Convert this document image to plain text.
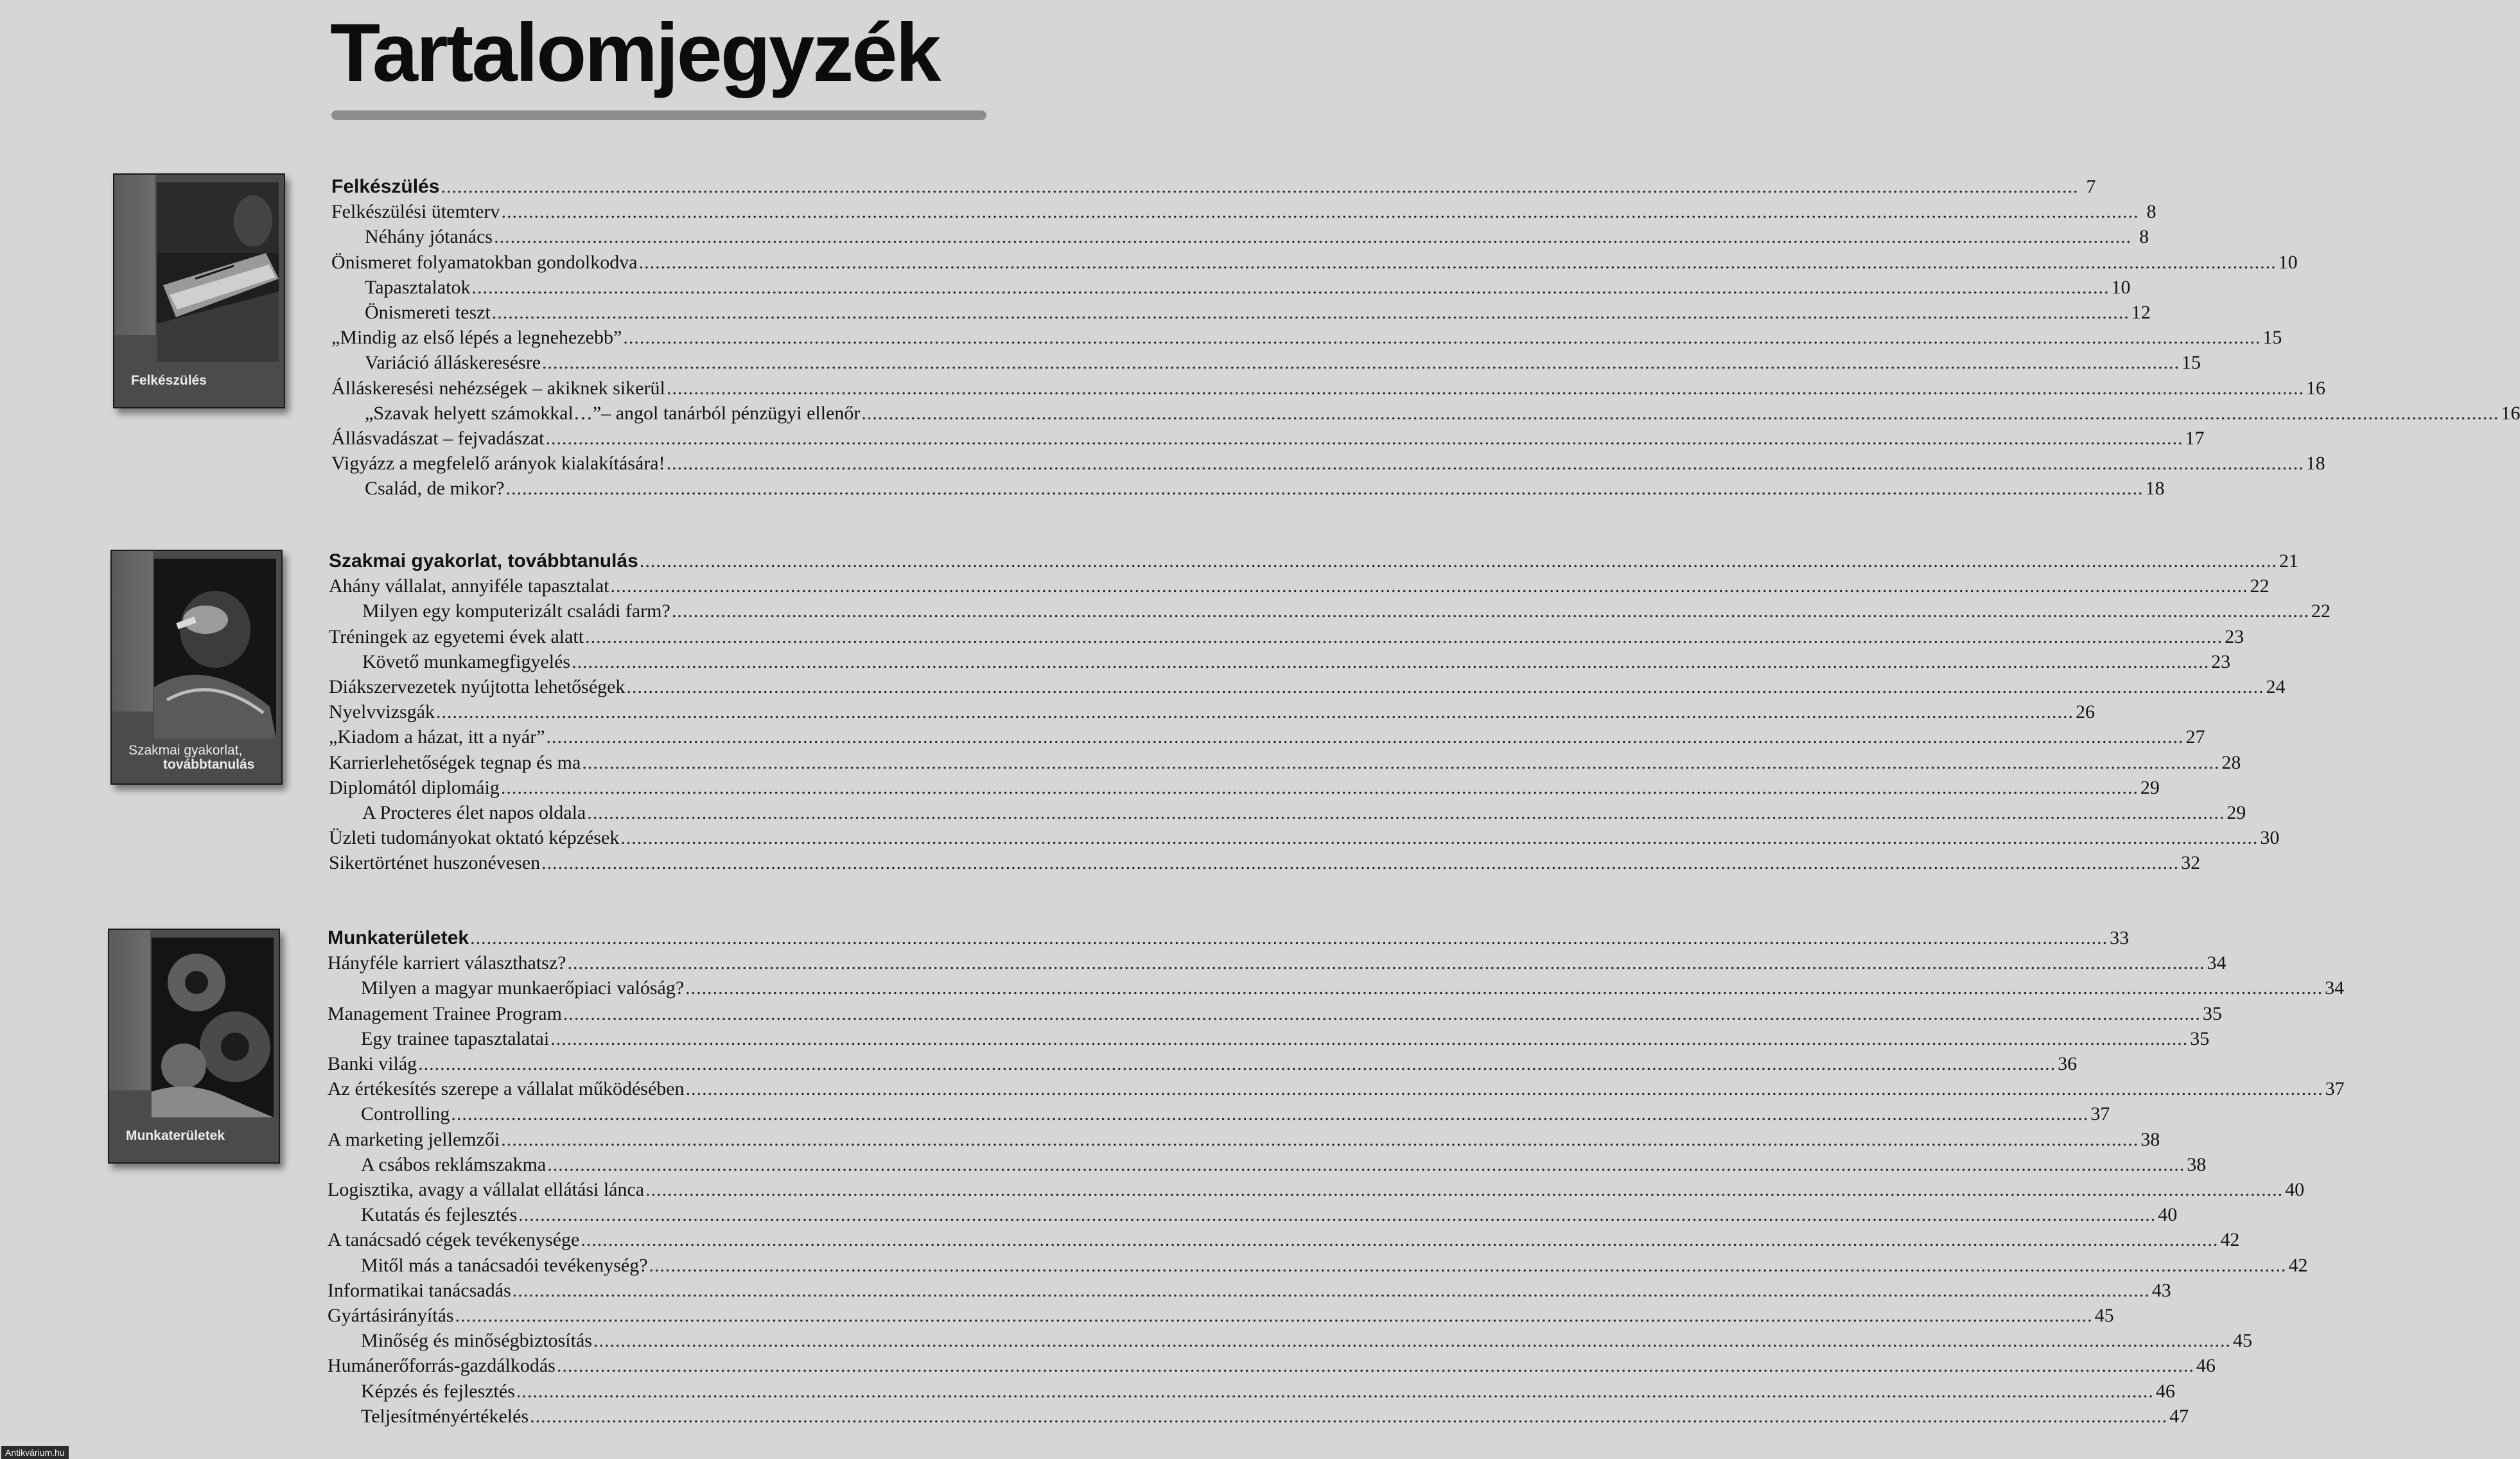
Tartalomjegyzék
Felkészülés
Felkészülés ............................................................................................................................................................................................................................................................................................................ 7
Felkészülési ütemterv ............................................................................................................................................................................................................................................................................................................ 8
Néhány jótanács ............................................................................................................................................................................................................................................................................................................ 8
Önismeret folyamatokban gondolkodva ............................................................................................................................................................................................................................................................................................................ 10
Tapasztalatok ............................................................................................................................................................................................................................................................................................................ 10
Önismereti teszt ............................................................................................................................................................................................................................................................................................................ 12
„Mindig az első lépés a legnehezebb” ............................................................................................................................................................................................................................................................................................................ 15
Variáció álláskeresésre ............................................................................................................................................................................................................................................................................................................ 15
Álláskeresési nehézségek – akiknek sikerül ............................................................................................................................................................................................................................................................................................................ 16
„Szavak helyett számokkal…”– angol tanárból pénzügyi ellenőr ............................................................................................................................................................................................................................................................................................................ 16
Állásvadászat – fejvadászat ............................................................................................................................................................................................................................................................................................................ 17
Vigyázz a megfelelő arányok kialakítására! ............................................................................................................................................................................................................................................................................................................ 18
Család, de mikor? ............................................................................................................................................................................................................................................................................................................ 18
Szakmai gyakorlat,
továbbtanulás
Szakmai gyakorlat, továbbtanulás ............................................................................................................................................................................................................................................................................................................ 21
Ahány vállalat, annyiféle tapasztalat ............................................................................................................................................................................................................................................................................................................ 22
Milyen egy komputerizált családi farm? ............................................................................................................................................................................................................................................................................................................ 22
Tréningek az egyetemi évek alatt ............................................................................................................................................................................................................................................................................................................ 23
Követő munkamegfigyelés ............................................................................................................................................................................................................................................................................................................ 23
Diákszervezetek nyújtotta lehetőségek ............................................................................................................................................................................................................................................................................................................ 24
Nyelvvizsgák ............................................................................................................................................................................................................................................................................................................ 26
„Kiadom a házat, itt a nyár” ............................................................................................................................................................................................................................................................................................................ 27
Karrierlehetőségek tegnap és ma ............................................................................................................................................................................................................................................................................................................ 28
Diplomától diplomáig ............................................................................................................................................................................................................................................................................................................ 29
A Procteres élet napos oldala ............................................................................................................................................................................................................................................................................................................ 29
Üzleti tudományokat oktató képzések ............................................................................................................................................................................................................................................................................................................ 30
Sikertörténet huszonévesen ............................................................................................................................................................................................................................................................................................................ 32
Munkaterületek
Munkaterületek ............................................................................................................................................................................................................................................................................................................ 33
Hányféle karriert választhatsz? ............................................................................................................................................................................................................................................................................................................ 34
Milyen a magyar munkaerőpiaci valóság? ............................................................................................................................................................................................................................................................................................................ 34
Management Trainee Program ............................................................................................................................................................................................................................................................................................................ 35
Egy trainee tapasztalatai ............................................................................................................................................................................................................................................................................................................ 35
Banki világ ............................................................................................................................................................................................................................................................................................................ 36
Az értékesítés szerepe a vállalat működésében ............................................................................................................................................................................................................................................................................................................ 37
Controlling ............................................................................................................................................................................................................................................................................................................ 37
A marketing jellemzői ............................................................................................................................................................................................................................................................................................................ 38
A csábos reklámszakma ............................................................................................................................................................................................................................................................................................................ 38
Logisztika, avagy a vállalat ellátási lánca ............................................................................................................................................................................................................................................................................................................ 40
Kutatás és fejlesztés ............................................................................................................................................................................................................................................................................................................ 40
A tanácsadó cégek tevékenysége ............................................................................................................................................................................................................................................................................................................ 42
Mitől más a tanácsadói tevékenység? ............................................................................................................................................................................................................................................................................................................ 42
Informatikai tanácsadás ............................................................................................................................................................................................................................................................................................................ 43
Gyártásirányítás ............................................................................................................................................................................................................................................................................................................ 45
Minőség és minőségbiztosítás ............................................................................................................................................................................................................................................................................................................ 45
Humánerőforrás-gazdálkodás ............................................................................................................................................................................................................................................................................................................ 46
Képzés és fejlesztés ............................................................................................................................................................................................................................................................................................................ 46
Teljesítményértékelés ............................................................................................................................................................................................................................................................................................................ 47
Antikvárium.hu
